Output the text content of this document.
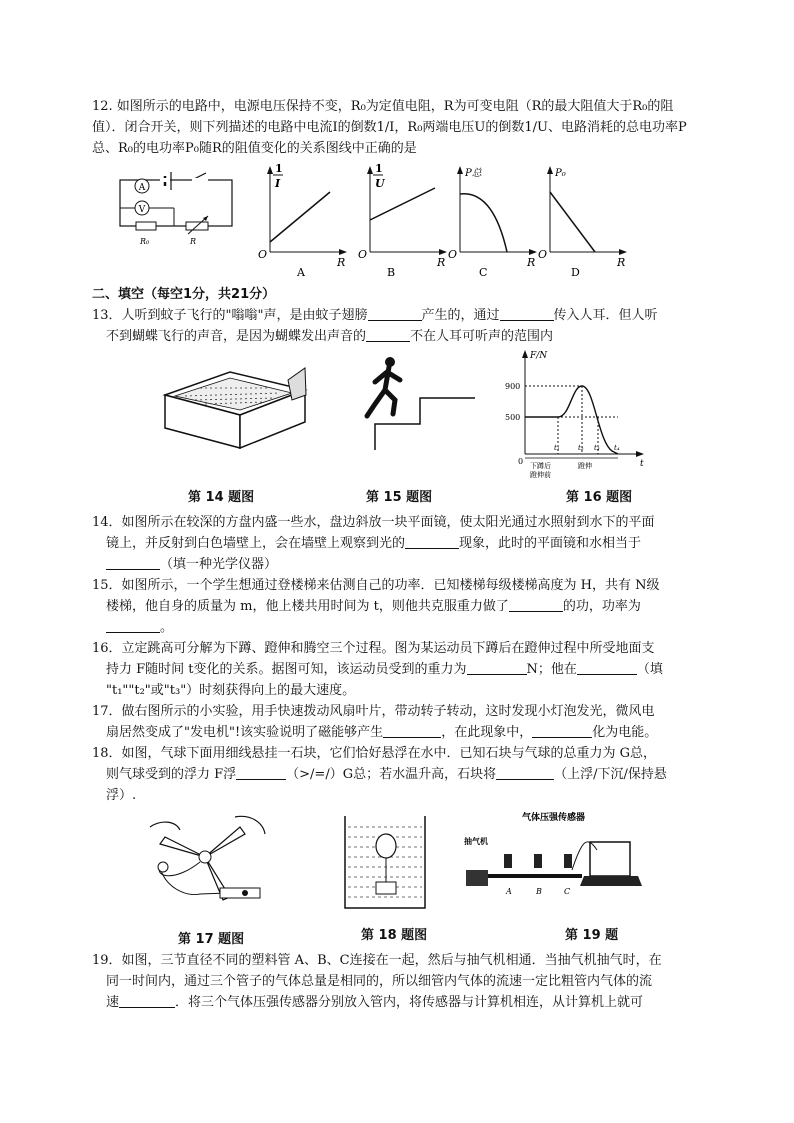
12. 如图所示的电路中，电源电压保持不变，R₀为定值电阻，R为可变电阻（R的最大阻值大于R₀的阻值）．闭合开关，则下列描述的电路中电流I的倒数1/I，R₀两端电压U的倒数1/U、电路消耗的总电功率P总、R₀的电功率P₀随R的阻值变化的关系图线中正确的是

A
V
R₀	R
1
I
O
R
A
1
U
O
R
B
P总
O
R
C
P₀
O
R
D

二、填空（每空1分，共21分）

13．人听到蚊子飞行的"嗡嗡"声，是由蚊子翅膀	产生的，通过	传入人耳．但人听
不到蝴蝶飞行的声音，是因为蝴蝶发出声音的	不在人耳可听声的范围内

F/N
t
900
500
0
t₁	t₂ t₃ t₄
下蹲后
蹬伸前
蹬伸
第 14 题图	第 15 题图	第 16 题图

14．如图所示在较深的方盘内盛一些水，盘边斜放一块平面镜，使太阳光通过水照射到水下的平面
镜上，并反射到白色墙壁上，会在墙壁上观察到光的	现象，此时的平面镜和水相当于
（填一种光学仪器）

15．如图所示，一个学生想通过登楼梯来估测自己的功率．已知楼梯每级楼梯高度为 H，共有 N级
楼梯，他自身的质量为 m，他上楼共用时间为 t，则他共克服重力做了	的功，功率为
。

16．立定跳高可分解为下蹲、蹬伸和腾空三个过程。图为某运动员下蹲后在蹬伸过程中所受地面支
持力 F随时间 t变化的关系。据图可知，该运动员受到的重力为	N；他在	（填
"t₁""t₂"或"t₃"）时刻获得向上的最大速度。

17．做右图所示的小实验，用手快速拨动风扇叶片，带动转子转动，这时发现小灯泡发光，微风电
扇居然变成了"发电机"!该实验说明了磁能够产生	，在此现象中，	化为电能。

18．如图，气球下面用细线悬挂一石块，它们恰好悬浮在水中．已知石块与气球的总重力为 G总，
则气球受到的浮力 F浮	（>/=/）G总；若水温升高，石块将	（上浮/下沉/保持悬
浮）.

气体压强传感器
抽气机
A	B	C
第 17 题图	第 18 题图	第 19 题

19．如图，三节直径不同的塑料管 A、B、C连接在一起，然后与抽气机相通．当抽气机抽气时，在
同一时间内，通过三个管子的气体总量是相同的，所以细管内气体的流速一定比粗管内气体的流
速	．将三个气体压强传感器分别放入管内，将传感器与计算机相连，从计算机上就可
